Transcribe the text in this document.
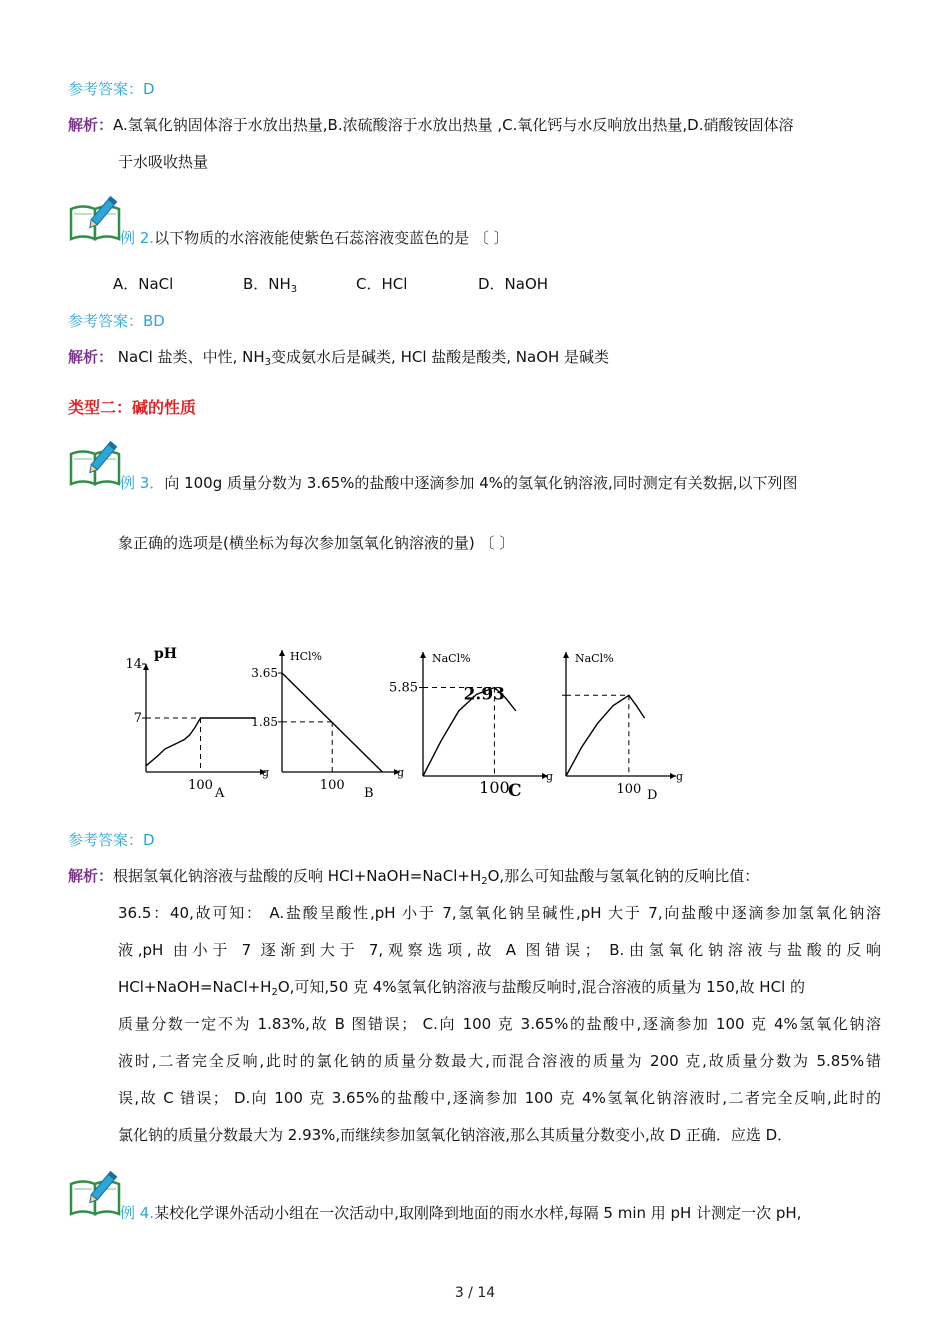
参考答案：D
解析：A.氢氧化钠固体溶于水放出热量,B.浓硫酸溶于水放出热量 ,C.氧化钙与水反响放出热量,D.硝酸铵固体溶
于水吸收热量
例 2.以下物质的水溶液能使紫色石蕊溶液变蓝色的是 〔 〕
A．NaCl	B．$NH_3$	C．HCl	D．NaOH
参考答案：BD
解析： NaCl 盐类、中性, $NH_3$变成氨水后是碱类, HCl 盐酸是酸类, NaOH 是碱类
类型二：碱的性质
例 3．向 100g 质量分数为 3.65%的盐酸中逐滴参加 4%的氢氧化钠溶液,同时测定有关数据,以下列图
象正确的选项是(横坐标为每次参加氢氧化钠溶液的量) 〔 〕
pH
g
14
7
100
A
HCl%
g
3.65
1.85
100
B
NaCl%
g
5.85
100
C
NaCl%
g
2.93
100 D
参考答案：D
解析：根据氢氧化钠溶液与盐酸的反响 $HCl+NaOH=NaCl+H_2O$,那么可知盐酸与氢氧化钠的反响比值：
36.5：40,故可知： A.盐酸呈酸性,pH 小于 7,氢氧化钠呈碱性,pH 大于 7,向盐酸中逐滴参加氢氧化钠溶
液,pH 由小于 7 逐渐到大于 7,观察选项,故 A 图错误； B.由氢氧化钠溶液与盐酸的反响
$HCl+NaOH=NaCl+H_2O$,可知,50 克 4%氢氧化钠溶液与盐酸反响时,混合溶液的质量为 150,故 HCl 的
质量分数一定不为 1.83%,故 B 图错误； C.向 100 克 3.65%的盐酸中,逐滴参加 100 克 4%氢氧化钠溶
液时,二者完全反响,此时的氯化钠的质量分数最大,而混合溶液的质量为 200 克,故质量分数为 5.85%错
误,故 C 错误； D.向 100 克 3.65%的盐酸中,逐滴参加 100 克 4%氢氧化钠溶液时,二者完全反响,此时的
氯化钠的质量分数最大为 2.93%,而继续参加氢氧化钠溶液,那么其质量分数变小,故 D 正确．应选 D．
例 4.某校化学课外活动小组在一次活动中,取刚降到地面的雨水水样,每隔 5 min 用 pH 计测定一次 pH,
3 / 14
